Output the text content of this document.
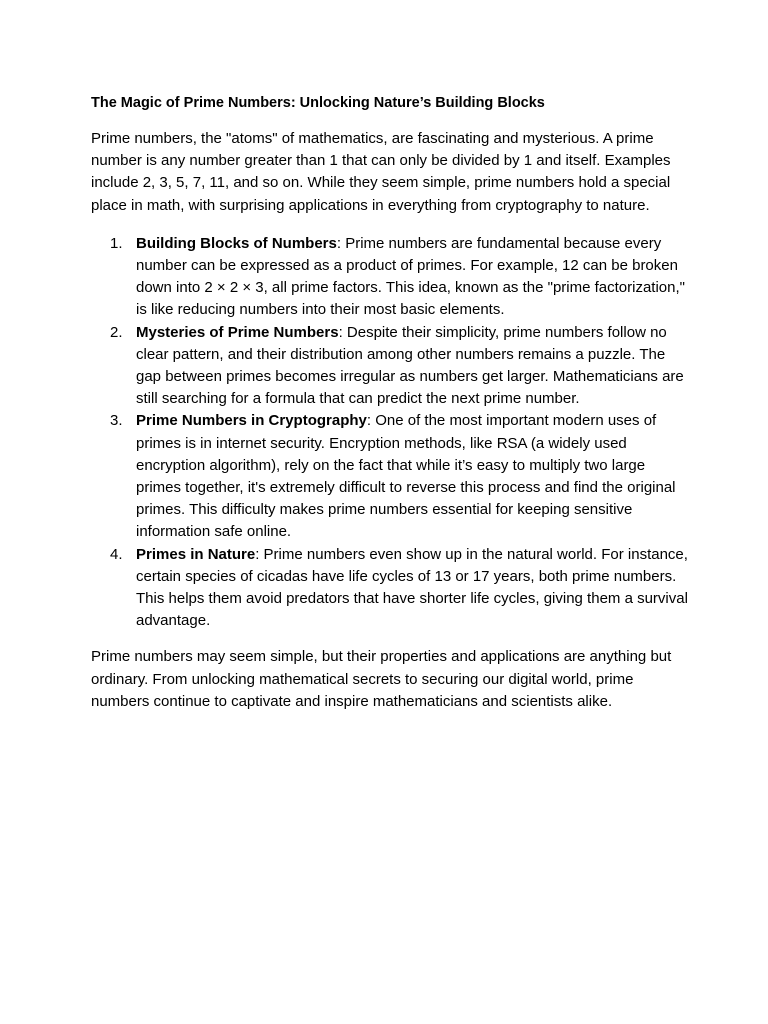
The Magic of Prime Numbers: Unlocking Nature’s Building Blocks

Prime numbers, the "atoms" of mathematics, are fascinating and mysterious. A prime number is any number greater than 1 that can only be divided by 1 and itself. Examples include 2, 3, 5, 7, 11, and so on. While they seem simple, prime numbers hold a special place in math, with surprising applications in everything from cryptography to nature.

1. Building Blocks of Numbers: Prime numbers are fundamental because every number can be expressed as a product of primes. For example, 12 can be broken down into 2 × 2 × 3, all prime factors. This idea, known as the "prime factorization," is like reducing numbers into their most basic elements.
2. Mysteries of Prime Numbers: Despite their simplicity, prime numbers follow no clear pattern, and their distribution among other numbers remains a puzzle. The gap between primes becomes irregular as numbers get larger. Mathematicians are still searching for a formula that can predict the next prime number.
3. Prime Numbers in Cryptography: One of the most important modern uses of primes is in internet security. Encryption methods, like RSA (a widely used encryption algorithm), rely on the fact that while it’s easy to multiply two large primes together, it's extremely difficult to reverse this process and find the original primes. This difficulty makes prime numbers essential for keeping sensitive information safe online.
4. Primes in Nature: Prime numbers even show up in the natural world. For instance, certain species of cicadas have life cycles of 13 or 17 years, both prime numbers. This helps them avoid predators that have shorter life cycles, giving them a survival advantage.

Prime numbers may seem simple, but their properties and applications are anything but ordinary. From unlocking mathematical secrets to securing our digital world, prime numbers continue to captivate and inspire mathematicians and scientists alike.
